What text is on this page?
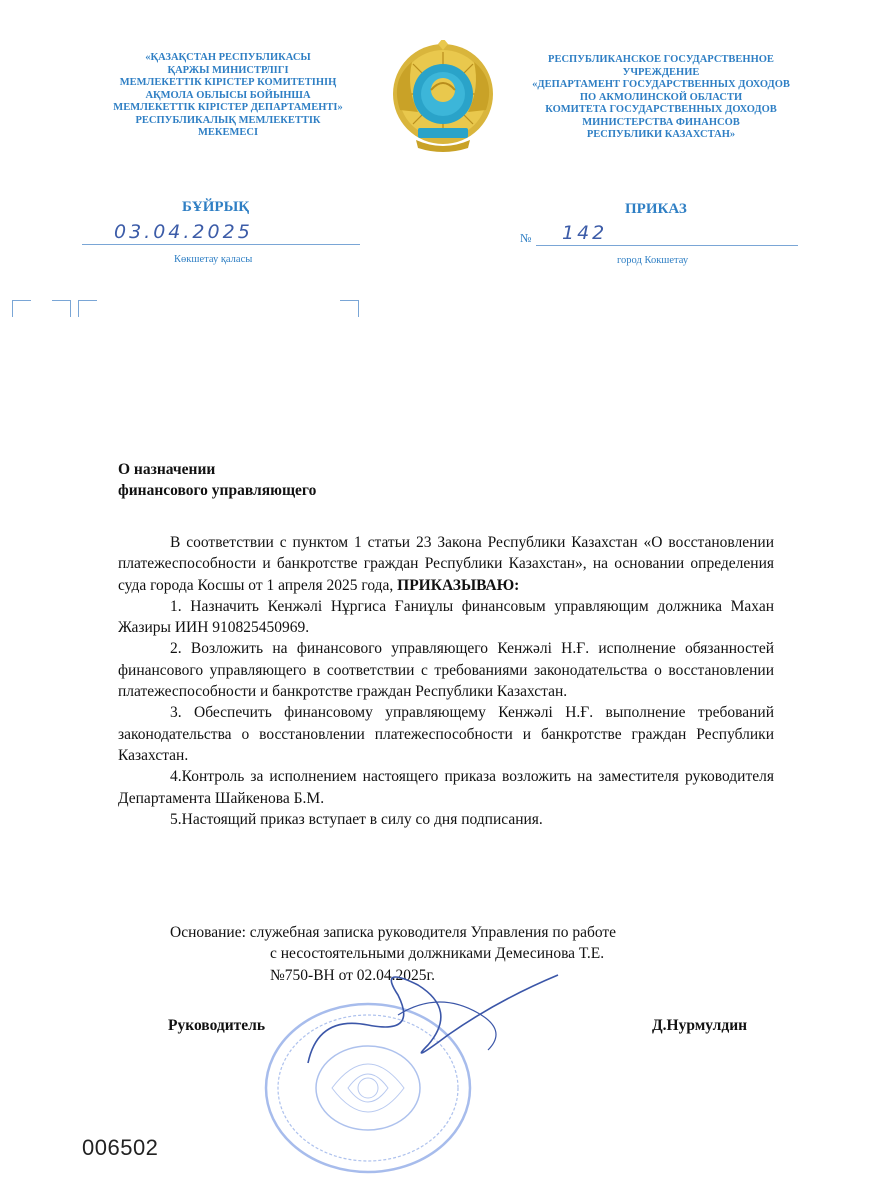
«ҚАЗАҚСТАН РЕСПУБЛИКАСЫ
ҚАРЖЫ МИНИСТРЛІГІ
МЕМЛЕКЕТТІК КІРІСТЕР КОМИТЕТІНІҢ
АҚМОЛА ОБЛЫСЫ БОЙЫНША
МЕМЛЕКЕТТІК КІРІСТЕР ДЕПАРТАМЕНТІ»
РЕСПУБЛИКАЛЫҚ МЕМЛЕКЕТТІК
МЕКЕМЕСІ
РЕСПУБЛИКАНСКОЕ ГОСУДАРСТВЕННОЕ
УЧРЕЖДЕНИЕ
«ДЕПАРТАМЕНТ ГОСУДАРСТВЕННЫХ ДОХОДОВ
ПО АКМОЛИНСКОЙ ОБЛАСТИ
КОМИТЕТА ГОСУДАРСТВЕННЫХ ДОХОДОВ
МИНИСТЕРСТВА ФИНАНСОВ
РЕСПУБЛИКИ КАЗАХСТАН»
БҰЙРЫҚ	ПРИКАЗ
03.04.2025
Көкшетау қаласы
№ 142
город Кокшетау
О назначении
финансового управляющего

В соответствии с пунктом 1 статьи 23 Закона Республики Казахстан «О восстановлении платежеспособности и банкротстве граждан Республики Казахстан», на основании определения суда города Косшы от 1 апреля 2025 года, ПРИКАЗЫВАЮ:

1. Назначить Кенжәлі Нұргиса Ғаниұлы финансовым управляющим должника Махан Жазиры ИИН 910825450969.

2. Возложить на финансового управляющего Кенжәлі Н.Ғ. исполнение обязанностей финансового управляющего в соответствии с требованиями законодательства о восстановлении платежеспособности и банкротстве граждан Республики Казахстан.

3. Обеспечить финансовому управляющему Кенжәлі Н.Ғ. выполнение требований законодательства о восстановлении платежеспособности и банкротстве граждан Республики Казахстан.

4.Контроль за исполнением настоящего приказа возложить на заместителя руководителя Департамента Шайкенова Б.М.

5.Настоящий приказ вступает в силу со дня подписания.

Основание: служебная записка руководителя Управления по работе
с несостоятельными должниками Демесинова Т.Е.
№750-ВН от 02.04.2025г.
Руководитель	Д.Нурмулдин
006502
